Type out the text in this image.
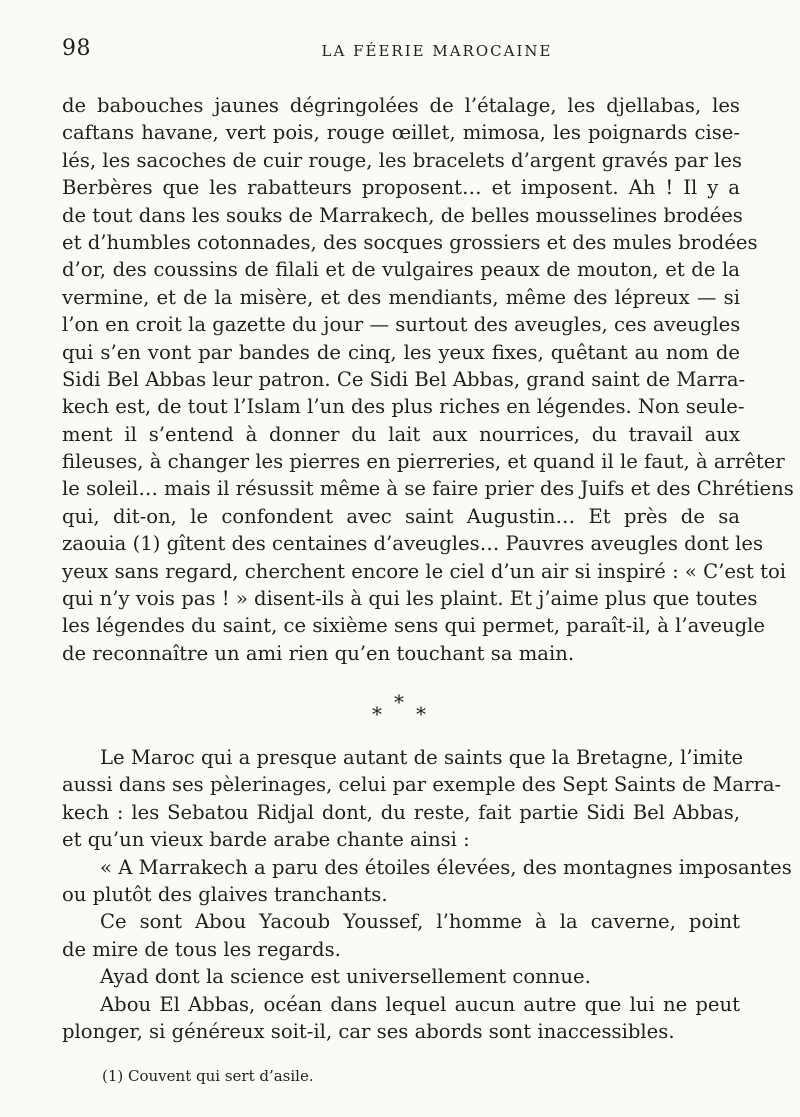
98	LA FÉERIE MAROCAINE
de babouches jaunes dégringolées de l’étalage, les djellabas, les
caftans havane, vert pois, rouge œillet, mimosa, les poignards cise-
lés, les sacoches de cuir rouge, les bracelets d’argent gravés par les
Berbères que les rabatteurs proposent… et imposent. Ah ! Il y a
de tout dans les souks de Marrakech, de belles mousselines brodées
et d’humbles cotonnades, des socques grossiers et des mules brodées
d’or, des coussins de filali et de vulgaires peaux de mouton, et de la
vermine, et de la misère, et des mendiants, même des lépreux — si
l’on en croit la gazette du jour — surtout des aveugles, ces aveugles
qui s’en vont par bandes de cinq, les yeux fixes, quêtant au nom de
Sidi Bel Abbas leur patron. Ce Sidi Bel Abbas, grand saint de Marra-
kech est, de tout l’Islam l’un des plus riches en légendes. Non seule-
ment il s’entend à donner du lait aux nourrices, du travail aux
fileuses, à changer les pierres en pierreries, et quand il le faut, à arrêter
le soleil… mais il résussit même à se faire prier des Juifs et des Chrétiens
qui, dit-on, le confondent avec saint Augustin… Et près de sa
zaouia (1) gîtent des centaines d’aveugles… Pauvres aveugles dont les
yeux sans regard, cherchent encore le ciel d’un air si inspiré : « C’est toi
qui n’y vois pas ! » disent-ils à qui les plaint. Et j’aime plus que toutes
les légendes du saint, ce sixième sens qui permet, paraît-il, à l’aveugle
de reconnaître un ami rien qu’en touchant sa main.
* * *
Le Maroc qui a presque autant de saints que la Bretagne, l’imite
aussi dans ses pèlerinages, celui par exemple des Sept Saints de Marra-
kech : les Sebatou Ridjal dont, du reste, fait partie Sidi Bel Abbas,
et qu’un vieux barde arabe chante ainsi :
« A Marrakech a paru des étoiles élevées, des montagnes imposantes
ou plutôt des glaives tranchants.
Ce sont Abou Yacoub Youssef, l’homme à la caverne, point
de mire de tous les regards.
Ayad dont la science est universellement connue.
Abou El Abbas, océan dans lequel aucun autre que lui ne peut
plonger, si généreux soit-il, car ses abords sont inaccessibles.
(1) Couvent qui sert d’asile.
